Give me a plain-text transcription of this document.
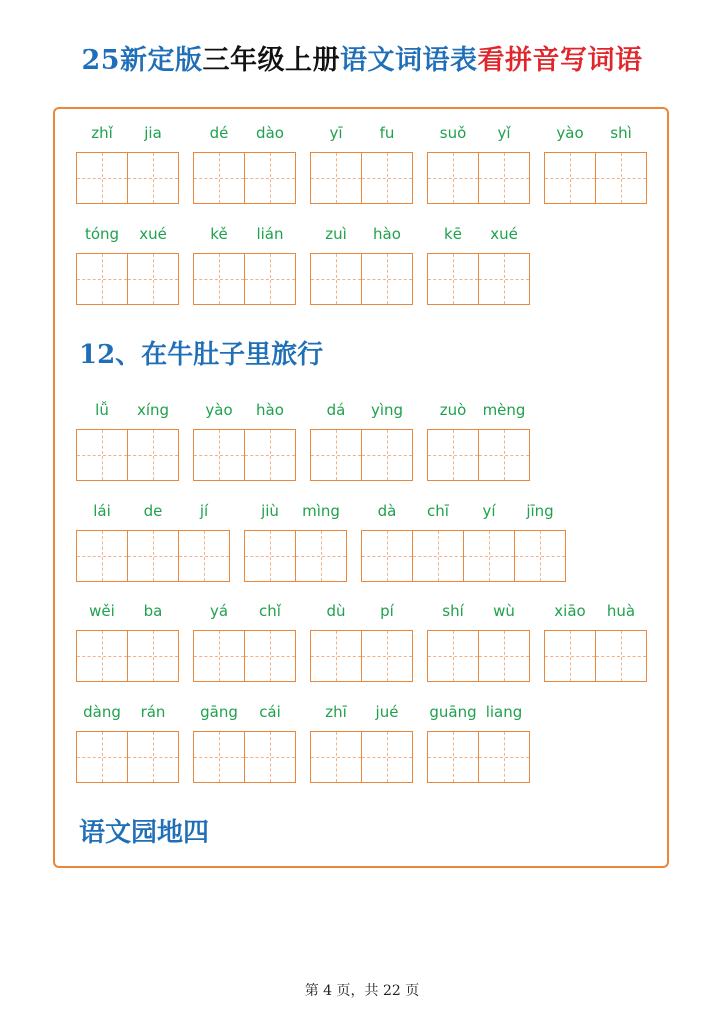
25新定版三年级上册语文词语表看拼音写词语
zhǐ	jia	dé	dào	yī	fu	suǒ	yǐ	yào	shì
tóng	xué	kě	lián	zuì	hào	kē	xué
12、在牛肚子里旅行
lǚ	xíng	yào	hào	dá	yìng	zuò	mèng
lái	de	jí	jiù	mìng	dà	chī	yí	jīng
wěi	ba	yá	chǐ	dù	pí	shí	wù	xiāo	huà
dàng	rán	gāng	cái	zhī	jué	guāng liang
语文园地四
第 4 页，共 22 页
